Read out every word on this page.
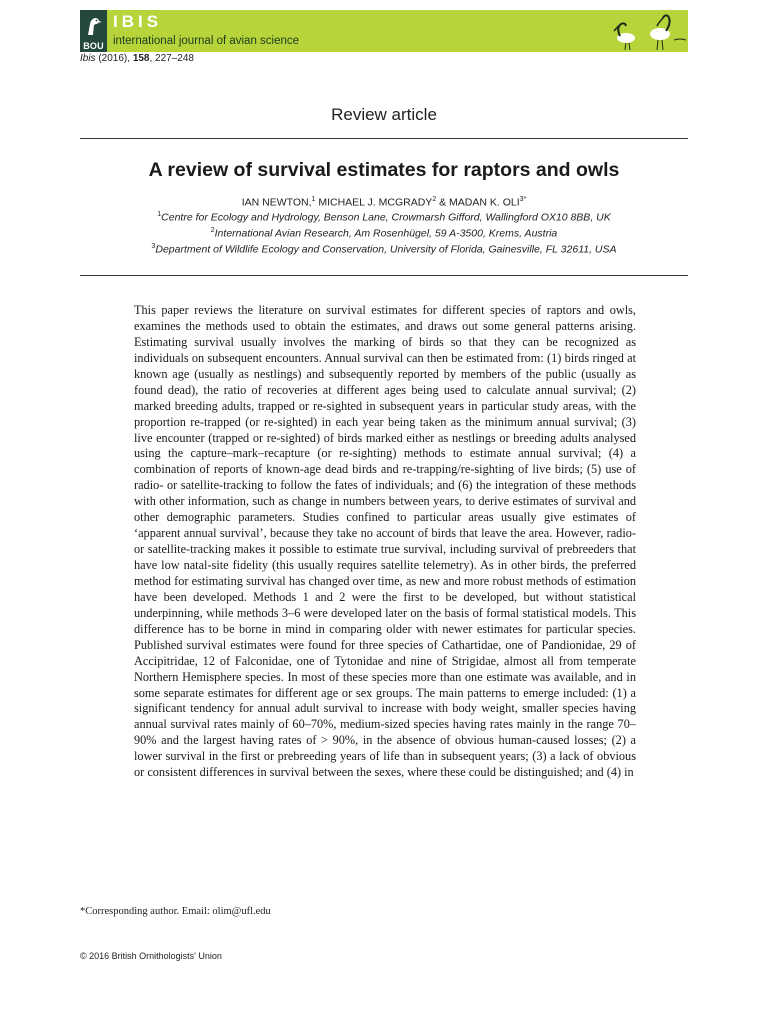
BOU
IBIS
international journal of avian science
Ibis (2016), 158, 227–248
Review article
A review of survival estimates for raptors and owls
IAN NEWTON,$^1$ MICHAEL J. MCGRADY$^2$ & MADAN K. $OLI^{3*}$
$^1$Centre for Ecology and Hydrology, Benson Lane, Crowmarsh Gifford, Wallingford OX10 8BB, UK
$^2$International Avian Research, Am Rosenhügel, 59 A-3500, Krems, Austria
$^3$Department of Wildlife Ecology and Conservation, University of Florida, Gainesville, FL 32611, USA

This paper reviews the literature on survival estimates for different species of raptors and owls, examines the methods used to obtain the estimates, and draws out some general patterns arising. Estimating survival usually involves the marking of birds so that they can be recognized as individuals on subsequent encounters. Annual survival can then be estimated from: (1) birds ringed at known age (usually as nestlings) and subsequently reported by members of the public (usually as found dead), the ratio of recoveries at different ages being used to calculate annual survival; (2) marked breeding adults, trapped or re-sighted in subsequent years in particular study areas, with the proportion re-trapped (or re-sighted) in each year being taken as the minimum annual survival; (3) live encounter (trapped or re-sighted) of birds marked either as nestlings or breeding adults analysed using the capture–mark–recapture (or re-sighting) methods to estimate annual survival; (4) a combination of reports of known-age dead birds and re-trapping/re-sighting of live birds; (5) use of radio- or satellite-tracking to follow the fates of individuals; and (6) the integration of these methods with other information, such as change in numbers between years, to derive estimates of survival and other demographic parameters. Studies confined to particular areas usually give estimates of ‘apparent annual survival’, because they take no account of birds that leave the area. However, radio- or satellite-tracking makes it possible to estimate true survival, including survival of prebreeders that have low natal-site fidelity (this usually requires satellite telemetry). As in other birds, the preferred method for estimating survival has changed over time, as new and more robust methods of estimation have been developed. Methods 1 and 2 were the first to be developed, but without statistical underpinning, while methods 3–6 were developed later on the basis of formal statistical models. This difference has to be borne in mind in comparing older with newer estimates for particular species. Published survival estimates were found for three species of Cathartidae, one of Pandionidae, 29 of Accipitridae, 12 of Falconidae, one of Tytonidae and nine of Strigidae, almost all from temperate Northern Hemisphere species. In most of these species more than one estimate was available, and in some separate estimates for different age or sex groups. The main patterns to emerge included: (1) a significant tendency for annual adult survival to increase with body weight, smaller species having annual survival rates mainly of 60–70%, medium-sized species having rates mainly in the range 70–90% and the largest having rates of > 90%, in the absence of obvious human-caused losses; (2) a lower survival in the first or prebreeding years of life than in subsequent years; (3) a lack of obvious or consistent differences in survival between the sexes, where these could be distinguished; and (4) in

*Corresponding author. Email: olim@ufl.edu
© 2016 British Ornithologists' Union
